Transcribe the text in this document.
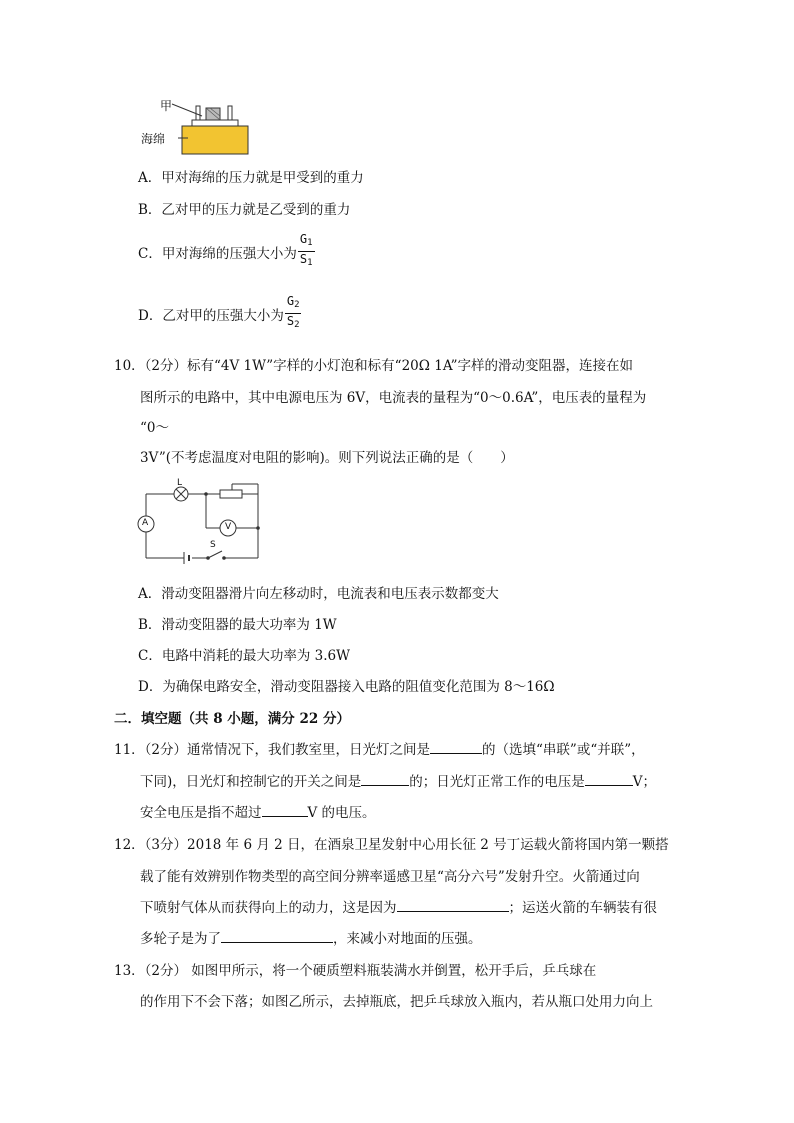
甲
海绵
A．甲对海绵的压力就是甲受到的重力
B．乙对甲的压力就是乙受到的重力
C．甲对海绵的压强大小为 $\frac{G_1}{S_1}$
D．乙对甲的压强大小为 $\frac{G_2}{S_2}$
10．（2分）标有“4V 1W”字样的小灯泡和标有“20Ω 1A”字样的滑动变阻器，连接在如
图所示的电路中，其中电源电压为 6V，电流表的量程为“0～0.6A”，电压表的量程为
“0～
3V”(不考虑温度对电阻的影响)。则下列说法正确的是（　　）
L
A	V
S
A．滑动变阻器滑片向左移动时，电流表和电压表示数都变大
B．滑动变阻器的最大功率为 1W
C．电路中消耗的最大功率为 3.6W
D．为确保电路安全，滑动变阻器接入电路的阻值变化范围为 8～16Ω
二．填空题（共 8 小题，满分 22 分）
11．（2分）通常情况下，我们教室里，日光灯之间是	的（选填“串联”或“并联”，
下同)，日光灯和控制它的开关之间是	的；日光灯正常工作的电压是	V；
安全电压是指不超过	V 的电压。
12．（3分）2018 年 6 月 2 日，在酒泉卫星发射中心用长征 2 号丁运载火箭将国内第一颗搭
载了能有效辨别作物类型的高空间分辨率遥感卫星“高分六号”发射升空。火箭通过向
下喷射气体从而获得向上的动力，这是因为	；运送火箭的车辆装有很
多轮子是为了	，来减小对地面的压强。
13．（2分） 如图甲所示，将一个硬质塑料瓶装满水并倒置，松开手后，乒乓球在
的作用下不会下落；如图乙所示，去掉瓶底，把乒乓球放入瓶内，若从瓶口处用力向上
